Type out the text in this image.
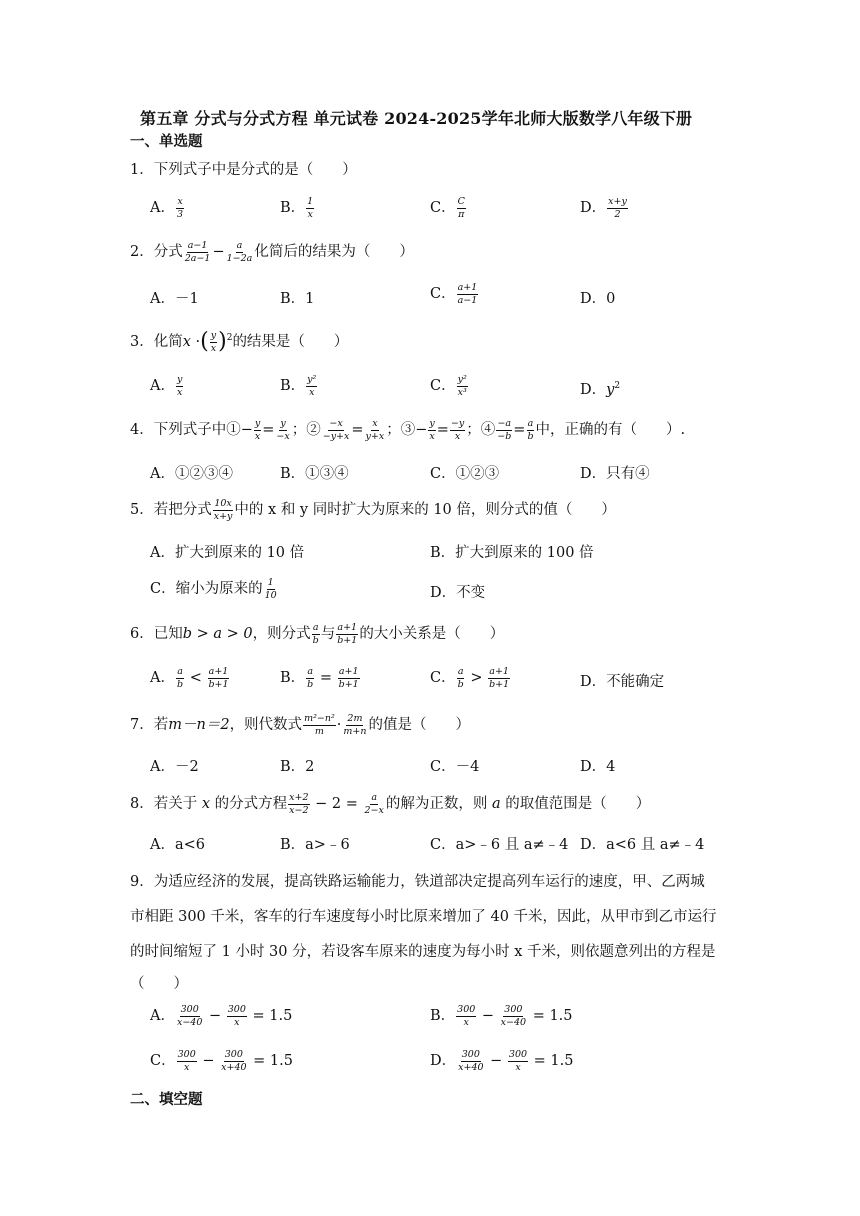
第五章 分式与分式方程 单元试卷 2024-2025学年北师大版数学八年级下册
一、单选题
1．下列式子中是分式的是（　　）
A． $\frac{x}{3}$	B． $\frac{1}{x}$	C． $\frac{C}{\pi}$	D． $\frac{x+y}{2}$
2．分式 $\frac{a-1}{2a-1} - \frac{a}{1-2a}$ 化简后的结果为（　　）
A．－1	B．1	C． $\frac{a+1}{a-1}$	D．0
3．化简x ·( $\frac{y}{x} )^2$的结果是（　　）
A． $\frac{y}{x}$	B． $\frac{\text{y²}}{x}$	C． $\frac{\text{y²}}{\text{x³}}$	D．$y^2$
4．下列式子中①− $\frac{y}{x} = \frac{y}{-x}$ ；② $\frac{-x}{-y+x} = \frac{x}{y+x}$ ；③− $\frac{y}{x} = \frac{-y}{x}$ ；④ $\frac{-a}{-b} = \frac{a}{b}$ 中，正确的有（　　）.
A．①②③④	B．①③④	C．①②③	D．只有④
5．若把分式 $\frac{10x}{x+y}$ 中的 x 和 y 同时扩大为原来的 10 倍，则分式的值（　　）
A．扩大到原来的 10 倍	B．扩大到原来的 100 倍
C．缩小为原来的 $\frac{1}{10}$	D．不变
6．已知b > a > 0，则分式 $\frac{a}{b}$ 与 $\frac{a+1}{b+1}$ 的大小关系是（　　）
A． $\frac{a}{b} < \frac{a+1}{b+1}$	B． $\frac{a}{b} = \frac{a+1}{b+1}$	C． $\frac{a}{b} > \frac{a+1}{b+1}$	D．不能确定
7．若m－n＝2，则代数式 $\frac{\text{m²−n²}}{m} \cdot \frac{2m}{m+n}$ 的值是（　　）
A．－2	B．2	C．－4	D．4
8．若关于 x 的分式方程 $\frac{x+2}{x-2} - 2 = \frac{a}{2-x}$ 的解为正数，则 a 的取值范围是（　　）
A．a<6	B．a>﹣6	C．a>﹣6 且 a≠﹣4 D．a<6 且 a≠﹣4
9．为适应经济的发展，提高铁路运输能力，铁道部决定提高列车运行的速度，甲、乙两城
市相距 300 千米，客车的行车速度每小时比原来增加了 40 千米，因此，从甲市到乙市运行
的时间缩短了 1 小时 30 分，若设客车原来的速度为每小时 x 千米，则依题意列出的方程是
（　　）
A． $\frac{300}{x-40} - \frac{300}{x} = 1.5$	B． $\frac{300}{x} - \frac{300}{x-40} = 1.5$
C． $\frac{300}{x} - \frac{300}{x+40} = 1.5$	D． $\frac{300}{x+40} - \frac{300}{x} = 1.5$
二、填空题
